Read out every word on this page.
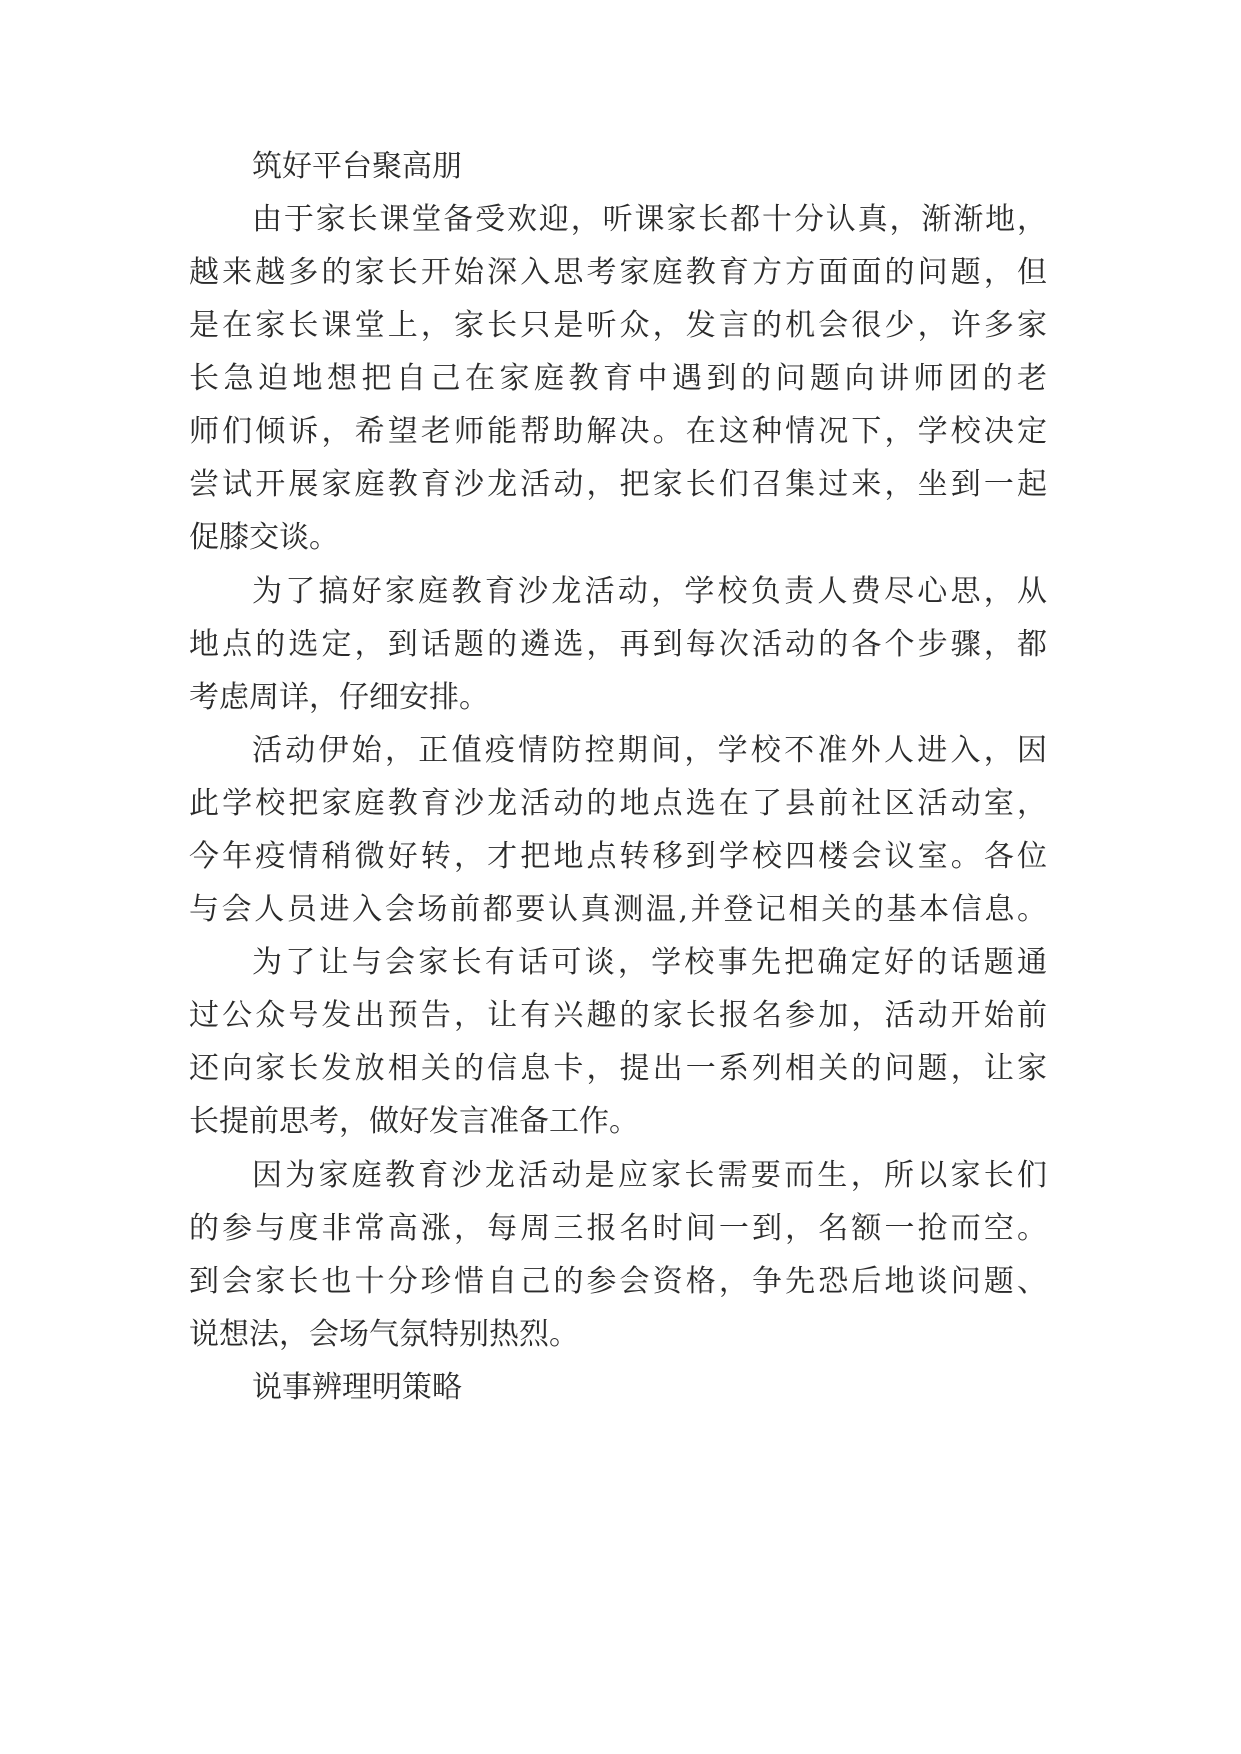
筑好平台聚高朋
由于家长课堂备受欢迎，听课家长都十分认真，渐渐地，
越来越多的家长开始深入思考家庭教育方方面面的问题，但
是在家长课堂上，家长只是听众，发言的机会很少，许多家
长急迫地想把自己在家庭教育中遇到的问题向讲师团的老
师们倾诉，希望老师能帮助解决。在这种情况下，学校决定
尝试开展家庭教育沙龙活动，把家长们召集过来，坐到一起
促膝交谈。
为了搞好家庭教育沙龙活动，学校负责人费尽心思，从
地点的选定，到话题的遴选，再到每次活动的各个步骤，都
考虑周详，仔细安排。
活动伊始，正值疫情防控期间，学校不准外人进入，因
此学校把家庭教育沙龙活动的地点选在了县前社区活动室，
今年疫情稍微好转，才把地点转移到学校四楼会议室。各位
与会人员进入会场前都要认真测温,并登记相关的基本信息。
为了让与会家长有话可谈，学校事先把确定好的话题通
过公众号发出预告，让有兴趣的家长报名参加，活动开始前
还向家长发放相关的信息卡，提出一系列相关的问题，让家
长提前思考，做好发言准备工作。
因为家庭教育沙龙活动是应家长需要而生，所以家长们
的参与度非常高涨，每周三报名时间一到，名额一抢而空。
到会家长也十分珍惜自己的参会资格，争先恐后地谈问题、
说想法，会场气氛特别热烈。
说事辨理明策略
